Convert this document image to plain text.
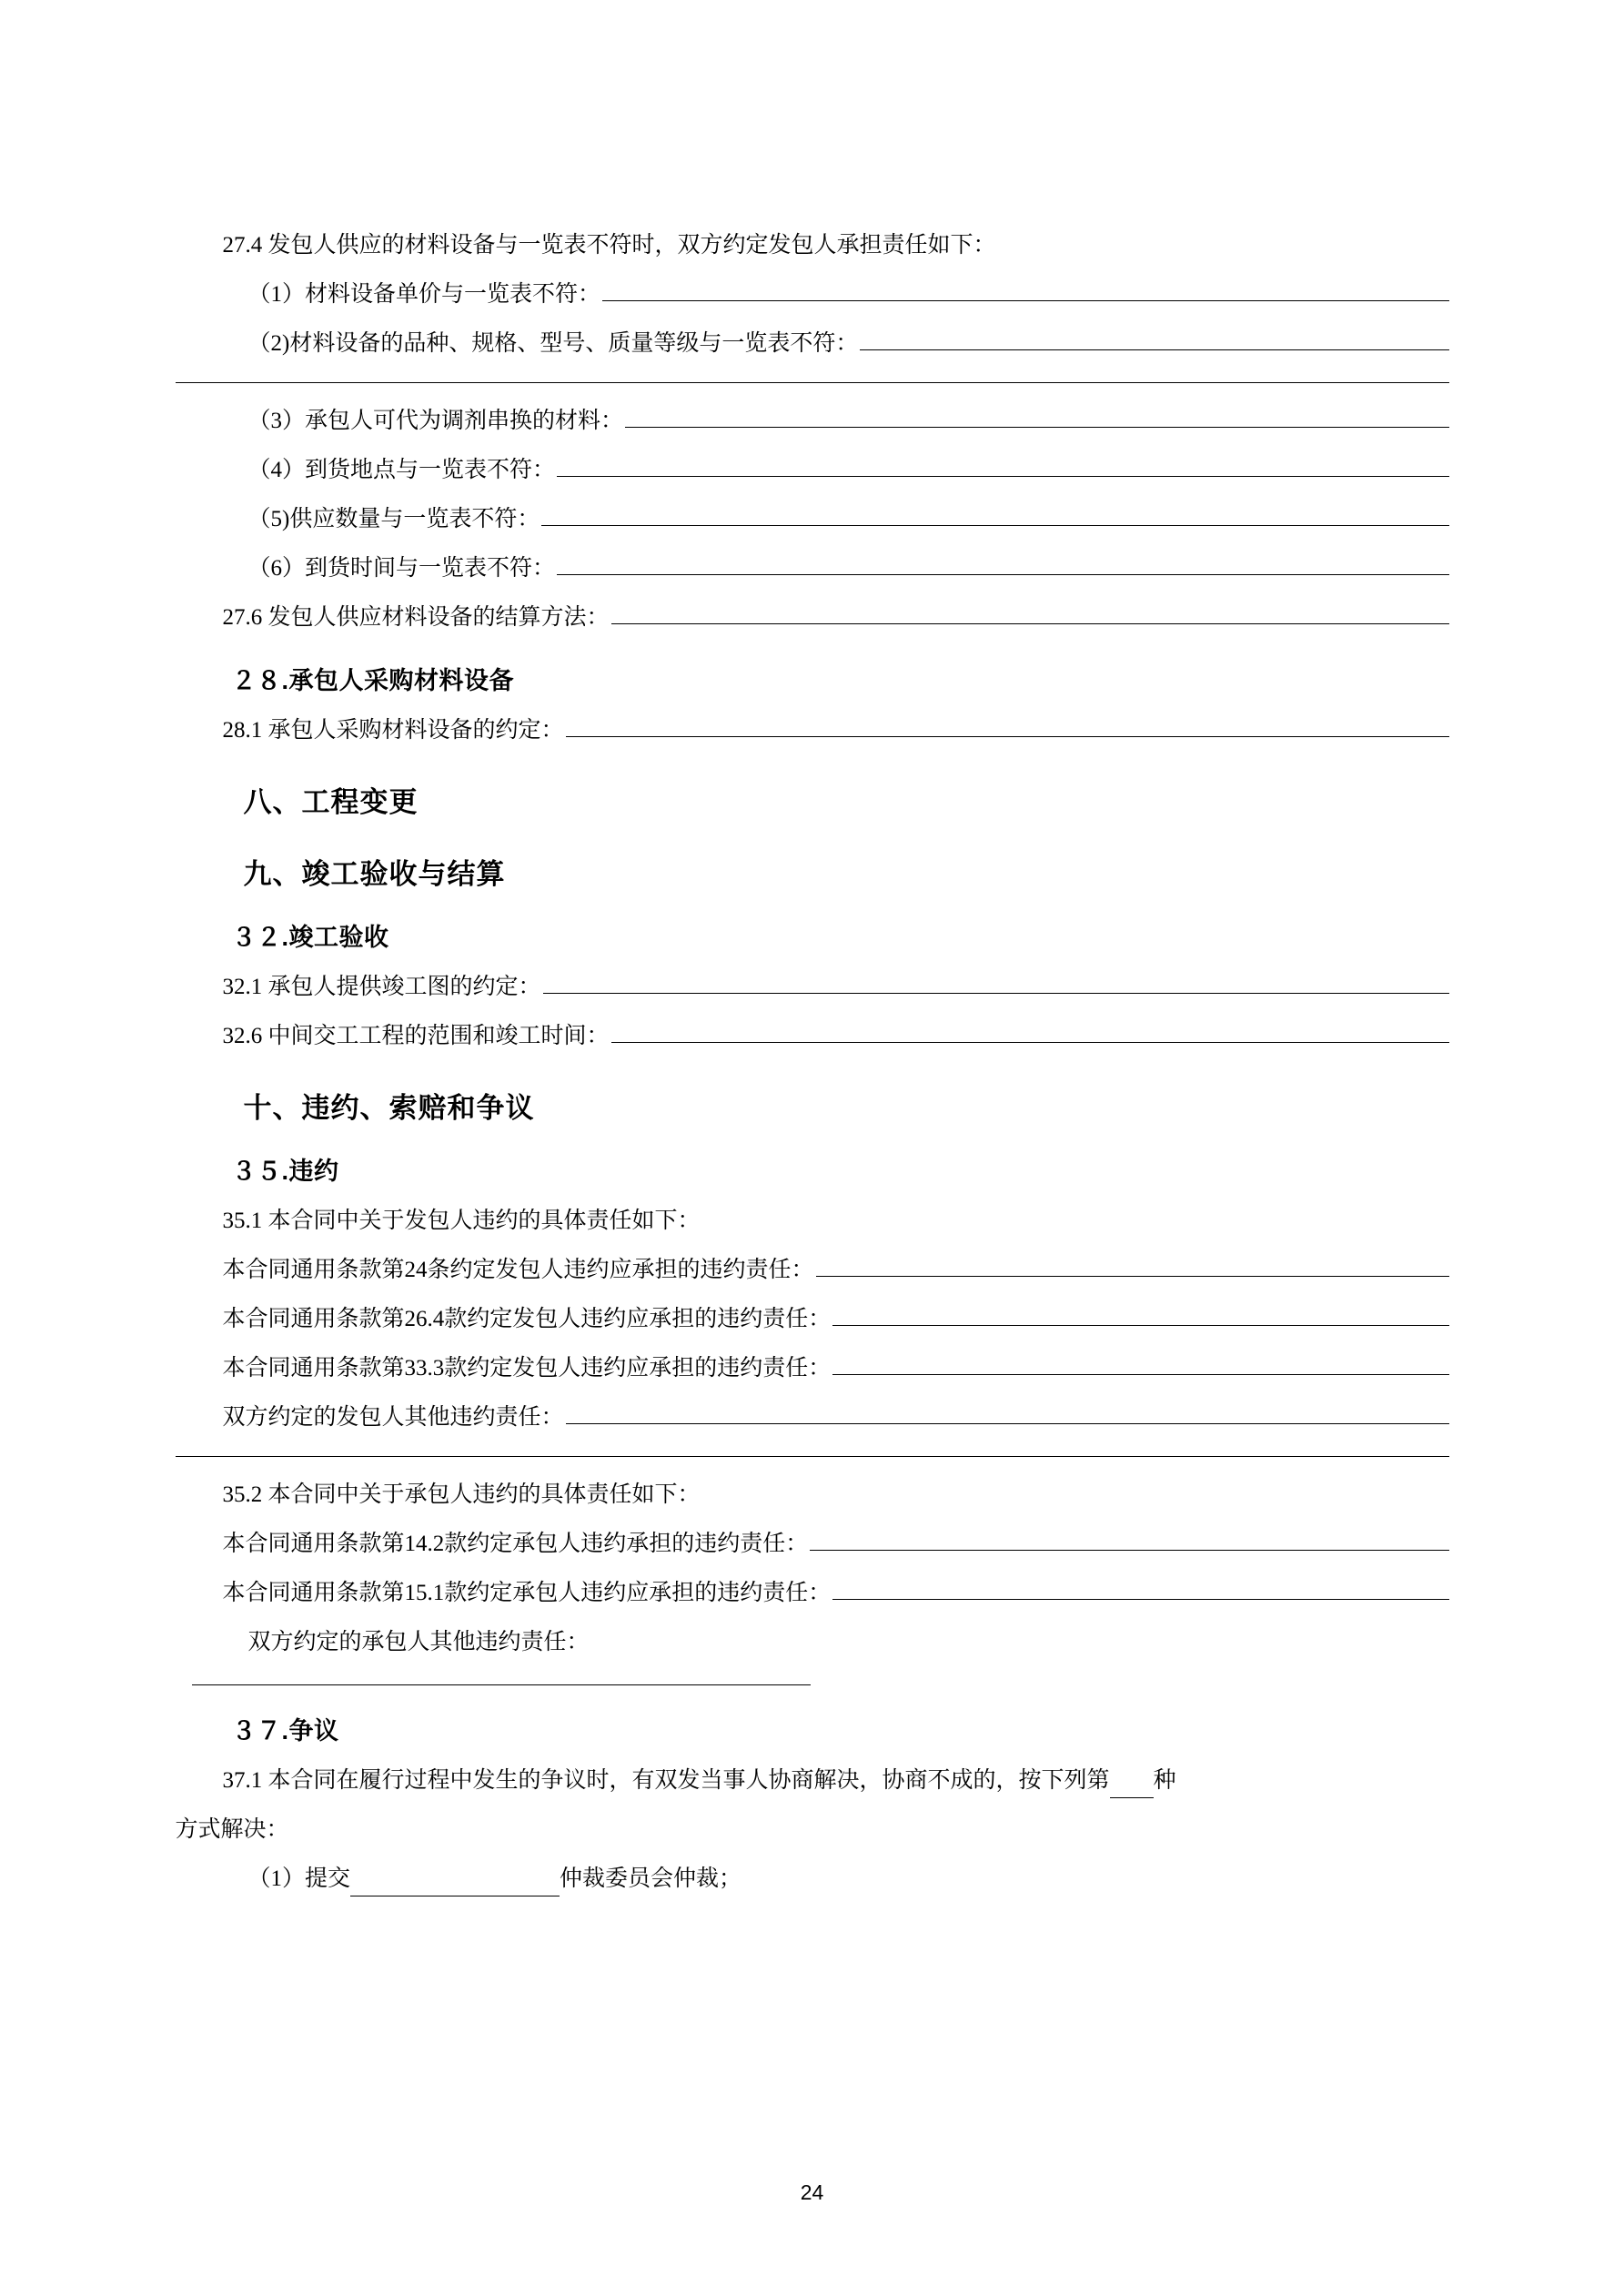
27.4 发包人供应的材料设备与一览表不符时，双方约定发包人承担责任如下：
（1）材料设备单价与一览表不符：
（2)材料设备的品种、规格、型号、质量等级与一览表不符：
（3）承包人可代为调剂串换的材料：
（4）到货地点与一览表不符：
（5)供应数量与一览表不符：
（6）到货时间与一览表不符：
27.6 发包人供应材料设备的结算方法：
２８.承包人采购材料设备
28.1 承包人采购材料设备的约定：
八、工程变更
九、竣工验收与结算
３２.竣工验收
32.1 承包人提供竣工图的约定：
32.6 中间交工工程的范围和竣工时间：
十、违约、索赔和争议
３５.违约
35.1 本合同中关于发包人违约的具体责任如下：
本合同通用条款第24条约定发包人违约应承担的违约责任：
本合同通用条款第26.4款约定发包人违约应承担的违约责任：
本合同通用条款第33.3款约定发包人违约应承担的违约责任：
双方约定的发包人其他违约责任：
35.2 本合同中关于承包人违约的具体责任如下：
本合同通用条款第14.2款约定承包人违约承担的违约责任：
本合同通用条款第15.1款约定承包人违约应承担的违约责任：
双方约定的承包人其他违约责任：
３７.争议
37.1 本合同在履行过程中发生的争议时，有双发当事人协商解决，协商不成的，按下列第 种
方式解决：
（1）提交	仲裁委员会仲裁；
24
